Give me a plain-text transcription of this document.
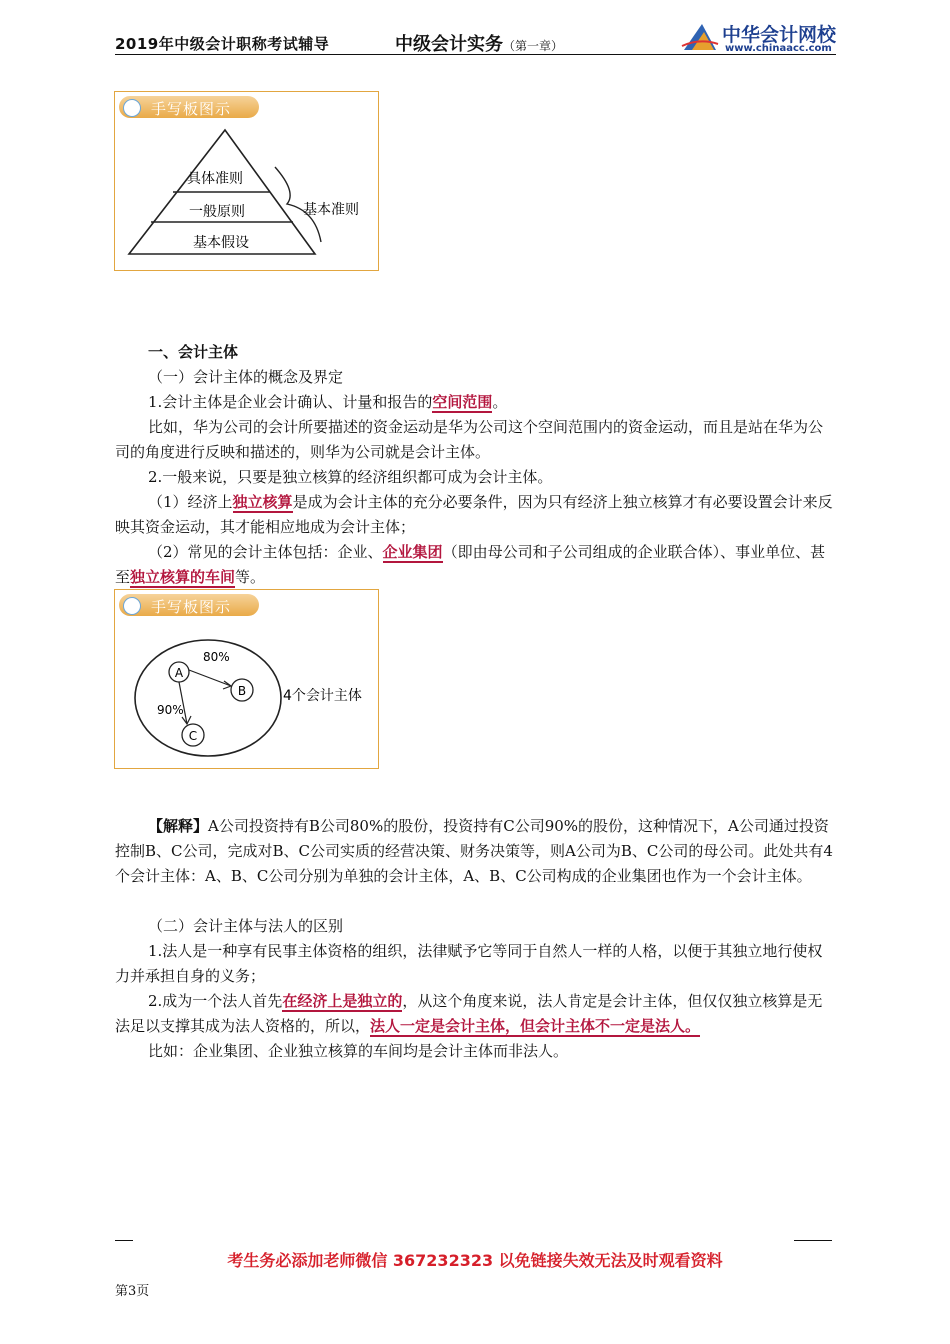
2019年中级会计职称考试辅导	中级会计实务（第一章）	中华会计网校
www.chinaacc.com
手写板图示
具体准则
一般原则
基本假设
基本准则
一、会计主体
（一）会计主体的概念及界定
1.会计主体是企业会计确认、计量和报告的空间范围。
比如，华为公司的会计所要描述的资金运动是华为公司这个空间范围内的资金运动，而且是站在华为公司的角度进行反映和描述的，则华为公司就是会计主体。
2.一般来说，只要是独立核算的经济组织都可成为会计主体。
（1）经济上独立核算是成为会计主体的充分必要条件，因为只有经济上独立核算才有必要设置会计来反映其资金运动，其才能相应地成为会计主体；
（2）常见的会计主体包括：企业、企业集团（即由母公司和子公司组成的企业联合体）、事业单位、甚至独立核算的车间等。
手写板图示
A
B
C
80%
90%
4个会计主体
【解释】A公司投资持有B公司80%的股份，投资持有C公司90%的股份，这种情况下，A公司通过投资控制B、C公司，完成对B、C公司实质的经营决策、财务决策等，则A公司为B、C公司的母公司。此处共有4个会计主体：A、B、C公司分别为单独的会计主体，A、B、C公司构成的企业集团也作为一个会计主体。
（二）会计主体与法人的区别
1.法人是一种享有民事主体资格的组织，法律赋予它等同于自然人一样的人格，以便于其独立地行使权力并承担自身的义务；
2.成为一个法人首先在经济上是独立的，从这个角度来说，法人肯定是会计主体，但仅仅独立核算是无法足以支撑其成为法人资格的，所以，法人一定是会计主体，但会计主体不一定是法人。
比如：企业集团、企业独立核算的车间均是会计主体而非法人。
考生务必添加老师微信 367232323 以免链接失效无法及时观看资料
第3页
